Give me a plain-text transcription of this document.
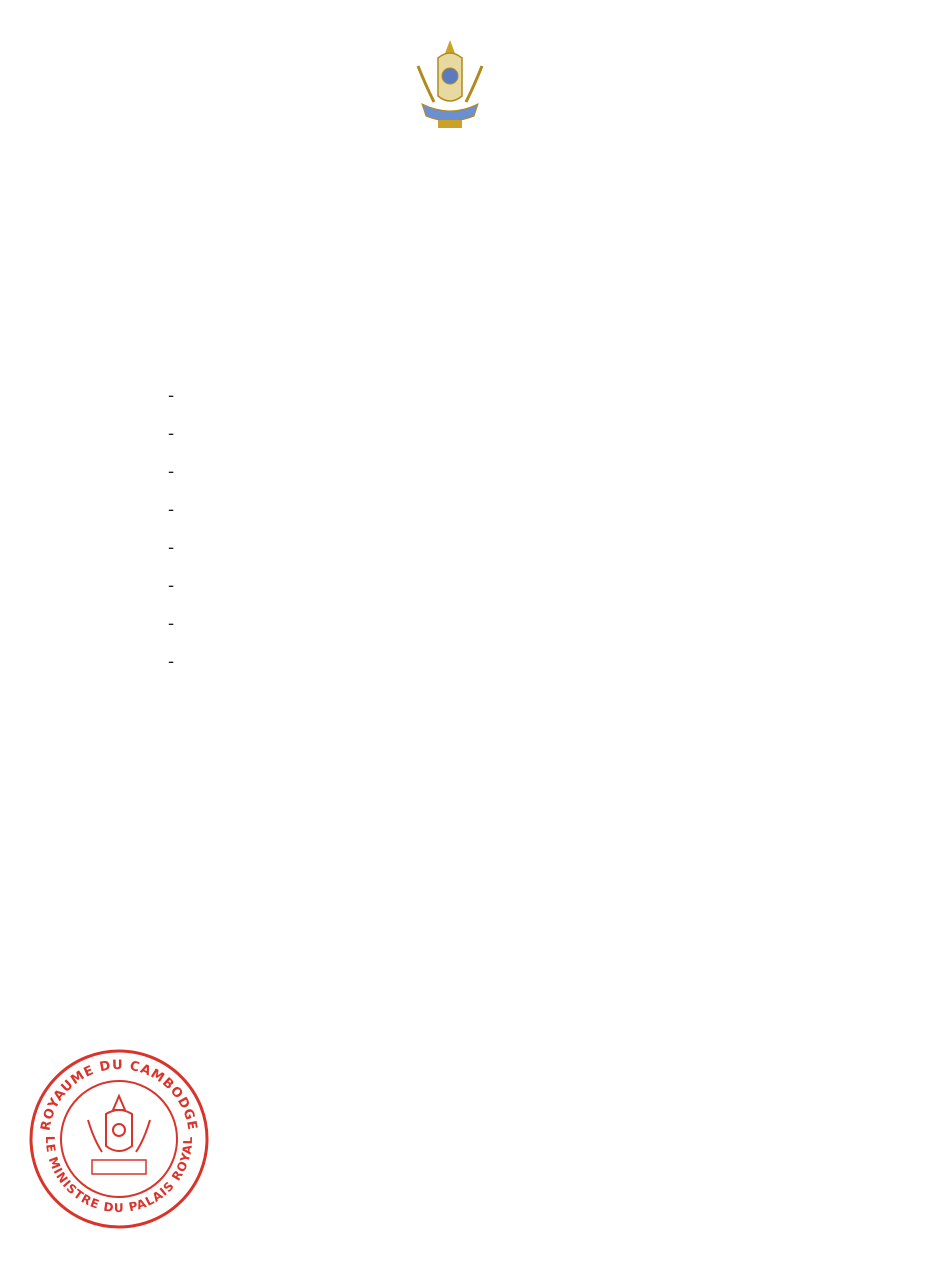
-
-
-
-
-
-
-
-
ROYAUME DU CAMBODGE
LE MINISTRE DU PALAIS ROYAL
